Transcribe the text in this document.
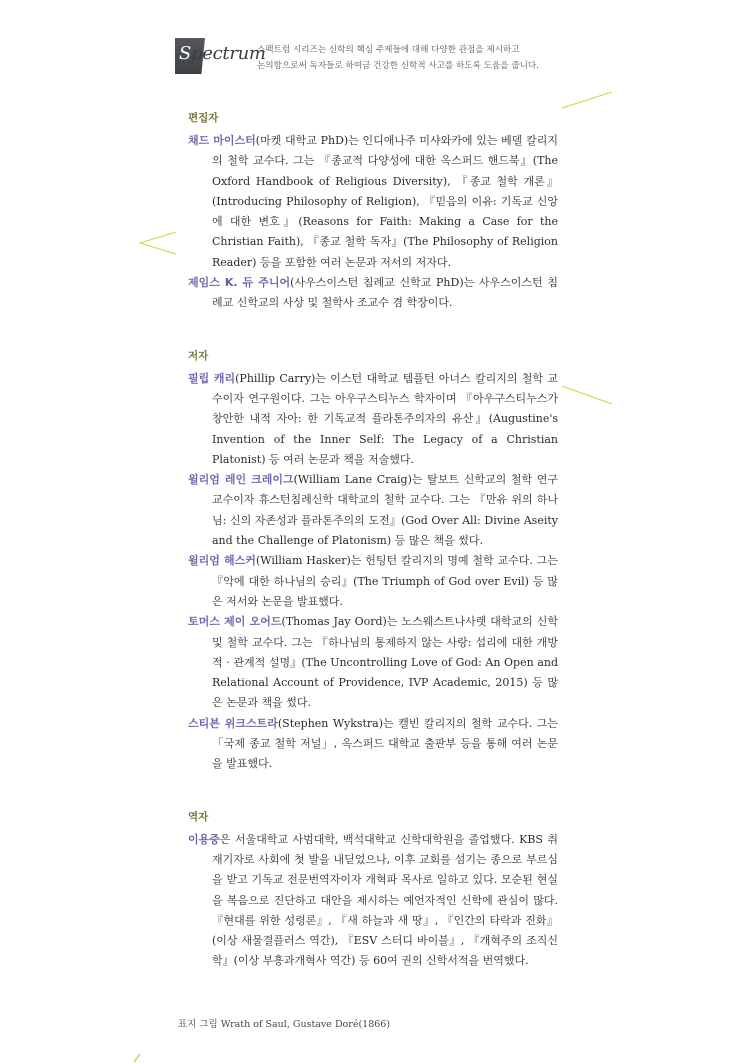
Spectrum
스펙트럼 시리즈는 신학의 핵심 주제들에 대해 다양한 관점을 제시하고
논의함으로써 독자들로 하여금 건강한 신학적 사고를 하도록 도움을 줍니다.
편집자

채드 마이스터(마켓 대학교 PhD)는 인디애나주 미샤와카에 있는 베델 칼리지의 철학 교수다. 그는 『종교적 다양성에 대한 옥스퍼드 핸드북』(The Oxford Handbook of Religious Diversity), 『종교 철학 개론』(Introducing Philosophy of Religion), 『믿음의 이유: 기독교 신앙에 대한 변호』(Reasons for Faith: Making a Case for the Christian Faith), 『종교 철학 독자』(The Philosophy of Religion Reader) 등을 포함한 여러 논문과 저서의 저자다.

제임스 K. 듀 주니어(사우스이스턴 침례교 신학교 PhD)는 사우스이스턴 침례교 신학교의 사상 및 철학사 조교수 겸 학장이다.

저자

필립 캐리(Phillip Carry)는 이스턴 대학교 템플턴 아너스 칼리지의 철학 교수이자 연구원이다. 그는 아우구스티누스 학자이며 『아우구스티누스가 창안한 내적 자아: 한 기독교적 플라톤주의자의 유산』(Augustine's Invention of the Inner Self: The Legacy of a Christian Platonist) 등 여러 논문과 책을 저술했다.

윌리엄 레인 크레이그(William Lane Craig)는 탈보트 신학교의 철학 연구 교수이자 휴스턴침례신학 대학교의 철학 교수다. 그는 『만유 위의 하나님: 신의 자존성과 플라톤주의의 도전』(God Over All: Divine Aseity and the Challenge of Platonism) 등 많은 책을 썼다.

윌리엄 해스커(William Hasker)는 헌팅턴 칼리지의 명예 철학 교수다. 그는 『악에 대한 하나님의 승리』(The Triumph of God over Evil) 등 많은 저서와 논문을 발표했다.

토머스 제이 오어드(Thomas Jay Oord)는 노스웨스트나사렛 대학교의 신학 및 철학 교수다. 그는 『하나님의 통제하지 않는 사랑: 섭리에 대한 개방적 · 관계적 설명』(The Uncontrolling Love of God: An Open and Relational Account of Providence, IVP Academic, 2015) 등 많은 논문과 책을 썼다.

스티븐 위크스트라(Stephen Wykstra)는 캘빈 칼리지의 철학 교수다. 그는 「국제 종교 철학 저널」, 옥스퍼드 대학교 출판부 등을 통해 여러 논문을 발표했다.

역자

이용중은 서울대학교 사범대학, 백석대학교 신학대학원을 졸업했다. KBS 취재기자로 사회에 첫 발을 내딛었으나, 이후 교회를 섬기는 종으로 부르심을 받고 기독교 전문번역자이자 개혁파 목사로 일하고 있다. 모순된 현실을 복음으로 진단하고 대안을 제시하는 예언자적인 신학에 관심이 많다. 『현대를 위한 성령론』, 『새 하늘과 새 땅』, 『인간의 타락과 진화』(이상 새물결플러스 역간), 『ESV 스터디 바이블』, 『개혁주의 조직신학』(이상 부흥과개혁사 역간) 등 60여 권의 신학서적을 번역했다.

표지 그림 Wrath of Saul, Gustave Doré(1866)
